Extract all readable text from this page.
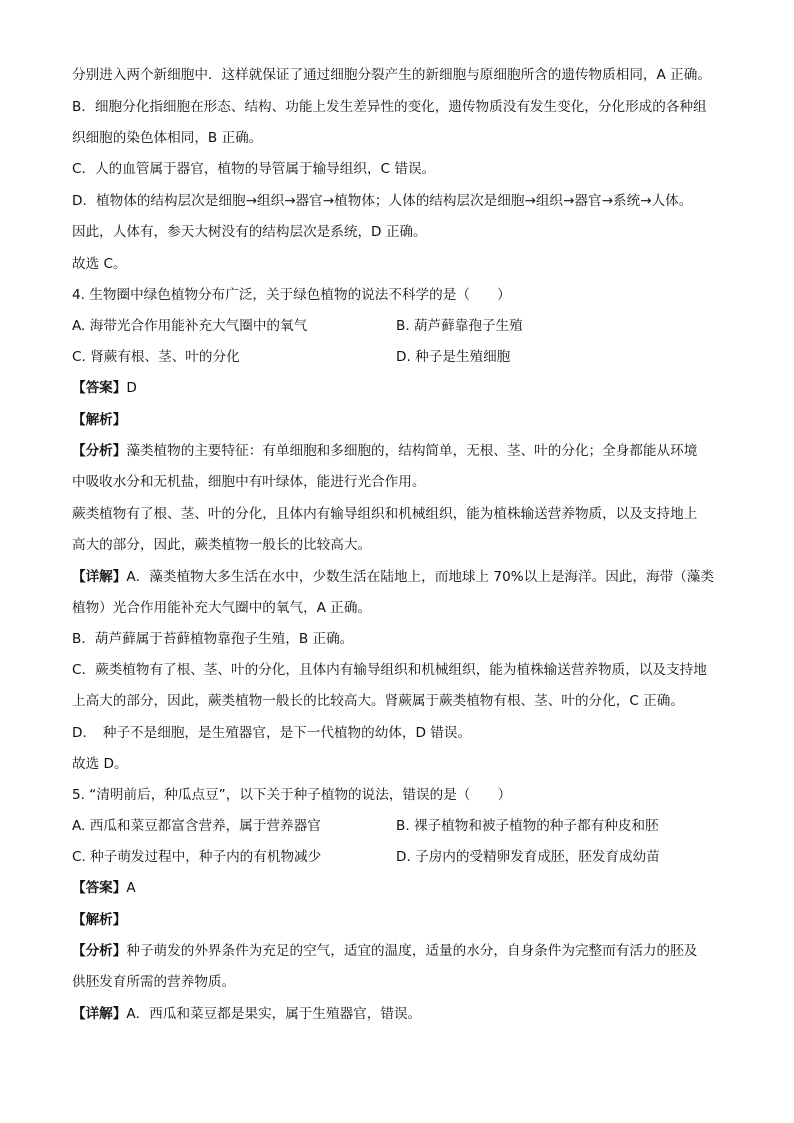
分别进入两个新细胞中．这样就保证了通过细胞分裂产生的新细胞与原细胞所含的遗传物质相同，A 正确。
B．细胞分化指细胞在形态、结构、功能上发生差异性的变化，遗传物质没有发生变化，分化形成的各种组
织细胞的染色体相同，B 正确。
C．人的血管属于器官，植物的导管属于输导组织，C 错误。
D．植物体的结构层次是细胞→组织→器官→植物体；人体的结构层次是细胞→组织→器官→系统→人体。
因此，人体有，参天大树没有的结构层次是系统，D 正确。
故选 C。
4. 生物圈中绿色植物分布广泛，关于绿色植物的说法不科学的是（　　）
A. 海带光合作用能补充大气圈中的氧气	B. 葫芦藓靠孢子生殖
C. 肾蕨有根、茎、叶的分化	D. 种子是生殖细胞
【答案】D
【解析】
【分析】藻类植物的主要特征：有单细胞和多细胞的，结构简单，无根、茎、叶的分化；全身都能从环境
中吸收水分和无机盐，细胞中有叶绿体，能进行光合作用。
蕨类植物有了根、茎、叶的分化，且体内有输导组织和机械组织，能为植株输送营养物质，以及支持地上
高大的部分，因此，蕨类植物一般长的比较高大。
【详解】A．藻类植物大多生活在水中，少数生活在陆地上，而地球上 70%以上是海洋。因此，海带（藻类
植物）光合作用能补充大气圈中的氧气，A 正确。
B．葫芦藓属于苔藓植物靠孢子生殖，B 正确。
C．蕨类植物有了根、茎、叶的分化，且体内有输导组织和机械组织，能为植株输送营养物质，以及支持地
上高大的部分，因此，蕨类植物一般长的比较高大。肾蕨属于蕨类植物有根、茎、叶的分化，C 正确。
D．　种子不是细胞，是生殖器官，是下一代植物的幼体，D 错误。
故选 D。
5. “清明前后，种瓜点豆”，以下关于种子植物的说法，错误的是（　　）
A. 西瓜和菜豆都富含营养，属于营养器官	B. 裸子植物和被子植物的种子都有种皮和胚
C. 种子萌发过程中，种子内的有机物减少	D. 子房内的受精卵发育成胚，胚发育成幼苗
【答案】A
【解析】
【分析】种子萌发的外界条件为充足的空气，适宜的温度，适量的水分，自身条件为完整而有活力的胚及
供胚发育所需的营养物质。
【详解】A．西瓜和菜豆都是果实，属于生殖器官，错误。
